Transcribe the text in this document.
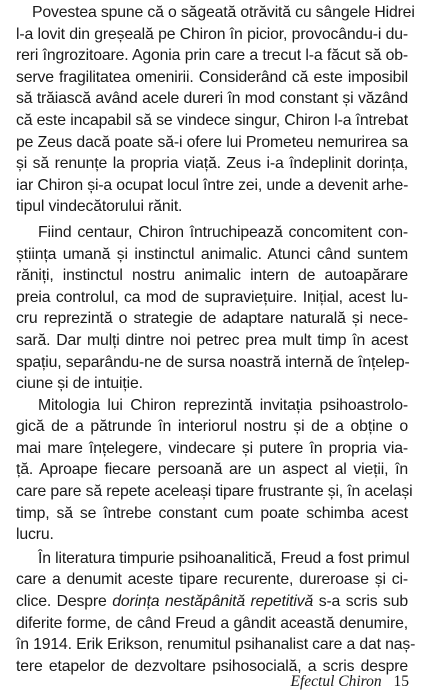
Povestea spune că o săgeată otrăvită cu sângele Hidrei
l-a lovit din greșeală pe Chiron în picior, provocându-i du-
reri îngrozitoare. Agonia prin care a trecut l-a făcut să ob-
serve fragilitatea omenirii. Considerând că este imposibil
să trăiască având acele dureri în mod constant și văzând
că este incapabil să se vindece singur, Chiron l-a întrebat
pe Zeus dacă poate să-i ofere lui Prometeu nemurirea sa
și să renunțe la propria viață. Zeus i-a îndeplinit dorința,
iar Chiron și-a ocupat locul între zei, unde a devenit arhe-
tipul vindecătorului rănit.

Fiind centaur, Chiron întruchipează concomitent con-
știința umană și instinctul animalic. Atunci când suntem
răniți, instinctul nostru animalic intern de autoapărare
preia controlul, ca mod de supraviețuire. Inițial, acest lu-
cru reprezintă o strategie de adaptare naturală și nece-
sară. Dar mulți dintre noi petrec prea mult timp în acest
spațiu, separându-ne de sursa noastră internă de înțelep-
ciune și de intuiție.

Mitologia lui Chiron reprezintă invitația psihoastrolo-
gică de a pătrunde în interiorul nostru și de a obține o
mai mare înțelegere, vindecare și putere în propria via-
ță. Aproape fiecare persoană are un aspect al vieții, în
care pare să repete aceleași tipare frustrante și, în același
timp, să se întrebe constant cum poate schimba acest
lucru.

În literatura timpurie psihoanalitică, Freud a fost primul
care a denumit aceste tipare recurente, dureroase și ci-
clice. Despre dorința nestăpânită repetitivă s-a scris sub
diferite forme, de când Freud a gândit această denumire,
în 1914. Erik Erikson, renumitul psihanalist care a dat naș-
tere etapelor de dezvoltare psihosocială, a scris despre

Efectul Chiron 15
